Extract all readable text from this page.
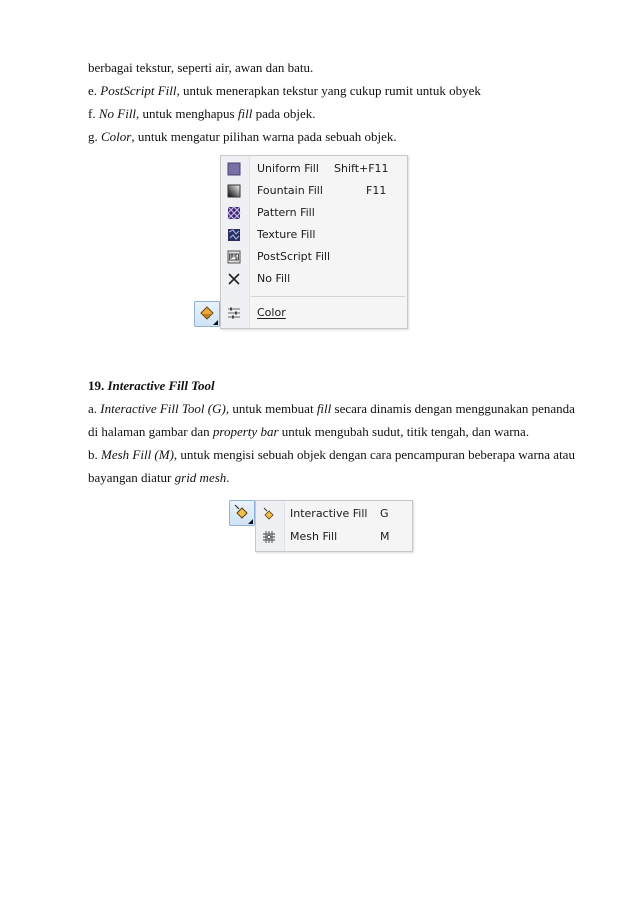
berbagai tekstur, seperti air, awan dan batu.
e. PostScript Fill, untuk menerapkan tekstur yang cukup rumit untuk obyek
f. No Fill, untuk menghapus fill pada objek.
g. Color, untuk mengatur pilihan warna pada sebuah objek.
Uniform Fill Shift+F11
Fountain Fill	F11
Pattern Fill
Texture Fill
PostScript Fill
No Fill
Color
19. Interactive Fill Tool
a. Interactive Fill Tool (G), untuk membuat fill secara dinamis dengan menggunakan penanda
di halaman gambar dan property bar untuk mengubah sudut, titik tengah, dan warna.
b. Mesh Fill (M), untuk mengisi sebuah objek dengan cara pencampuran beberapa warna atau
bayangan diatur grid mesh.
Interactive Fill G
Mesh Fill	M
